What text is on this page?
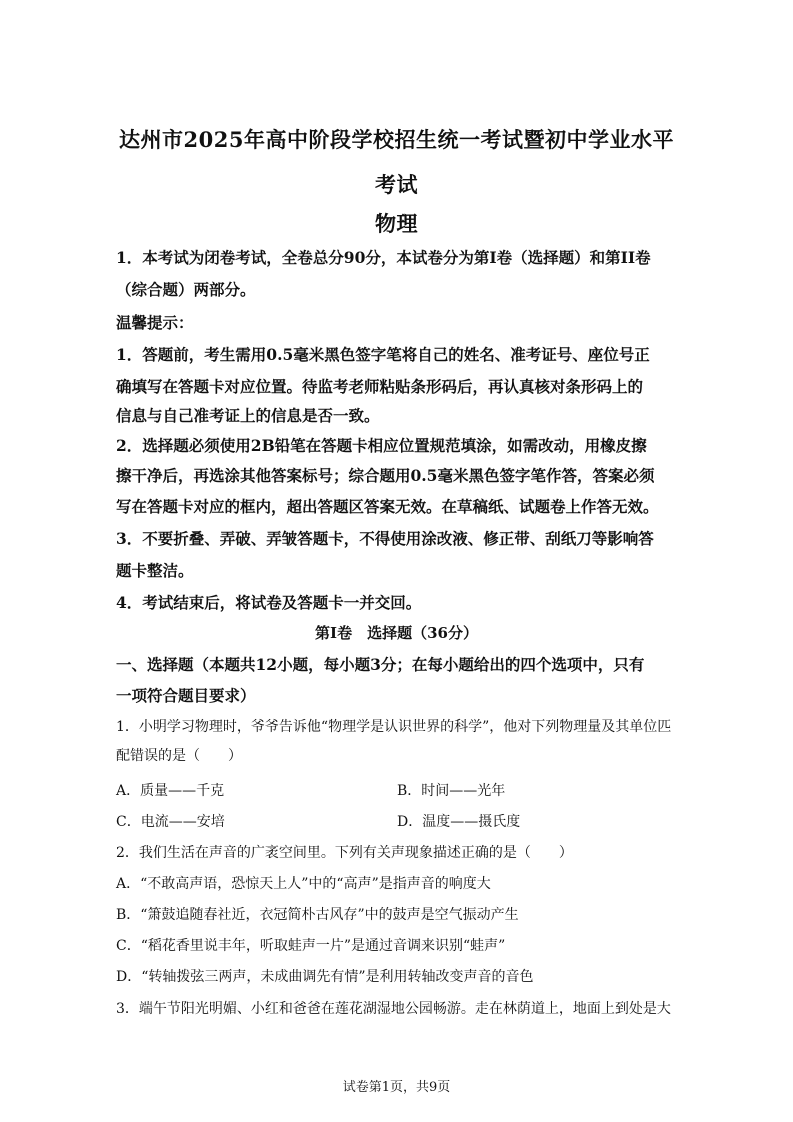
达州市2025年高中阶段学校招生统一考试暨初中学业水平
考试
物理
1．本考试为闭卷考试，全卷总分90分，本试卷分为第I卷（选择题）和第II卷
（综合题）两部分。
温馨提示：
1．答题前，考生需用0.5毫米黑色签字笔将自己的姓名、准考证号、座位号正
确填写在答题卡对应位置。待监考老师粘贴条形码后，再认真核对条形码上的
信息与自己准考证上的信息是否一致。
2．选择题必须使用2B铅笔在答题卡相应位置规范填涂，如需改动，用橡皮擦
擦干净后，再选涂其他答案标号；综合题用0.5毫米黑色签字笔作答，答案必须
写在答题卡对应的框内，超出答题区答案无效。在草稿纸、试题卷上作答无效。
3．不要折叠、弄破、弄皱答题卡，不得使用涂改液、修正带、刮纸刀等影响答
题卡整洁。
4．考试结束后，将试卷及答题卡一并交回。
第I卷　选择题（36分）
一、选择题（本题共12小题，每小题3分；在每小题给出的四个选项中，只有
一项符合题目要求）
1．小明学习物理时，爷爷告诉他“物理学是认识世界的科学”，他对下列物理量及其单位匹
配错误的是（　　）
A．质量——千克	B．时间——光年
C．电流——安培	D．温度——摄氏度
2．我们生活在声音的广袤空间里。下列有关声现象描述正确的是（　　）
A．“不敢高声语，恐惊天上人”中的“高声”是指声音的响度大
B．“箫鼓追随春社近，衣冠简朴古风存”中的鼓声是空气振动产生
C．“稻花香里说丰年，听取蛙声一片”是通过音调来识别“蛙声”
D．“转轴拨弦三两声，未成曲调先有情”是利用转轴改变声音的音色
3．端午节阳光明媚、小红和爸爸在莲花湖湿地公园畅游。走在林荫道上，地面上到处是大
试卷第1页，共9页
